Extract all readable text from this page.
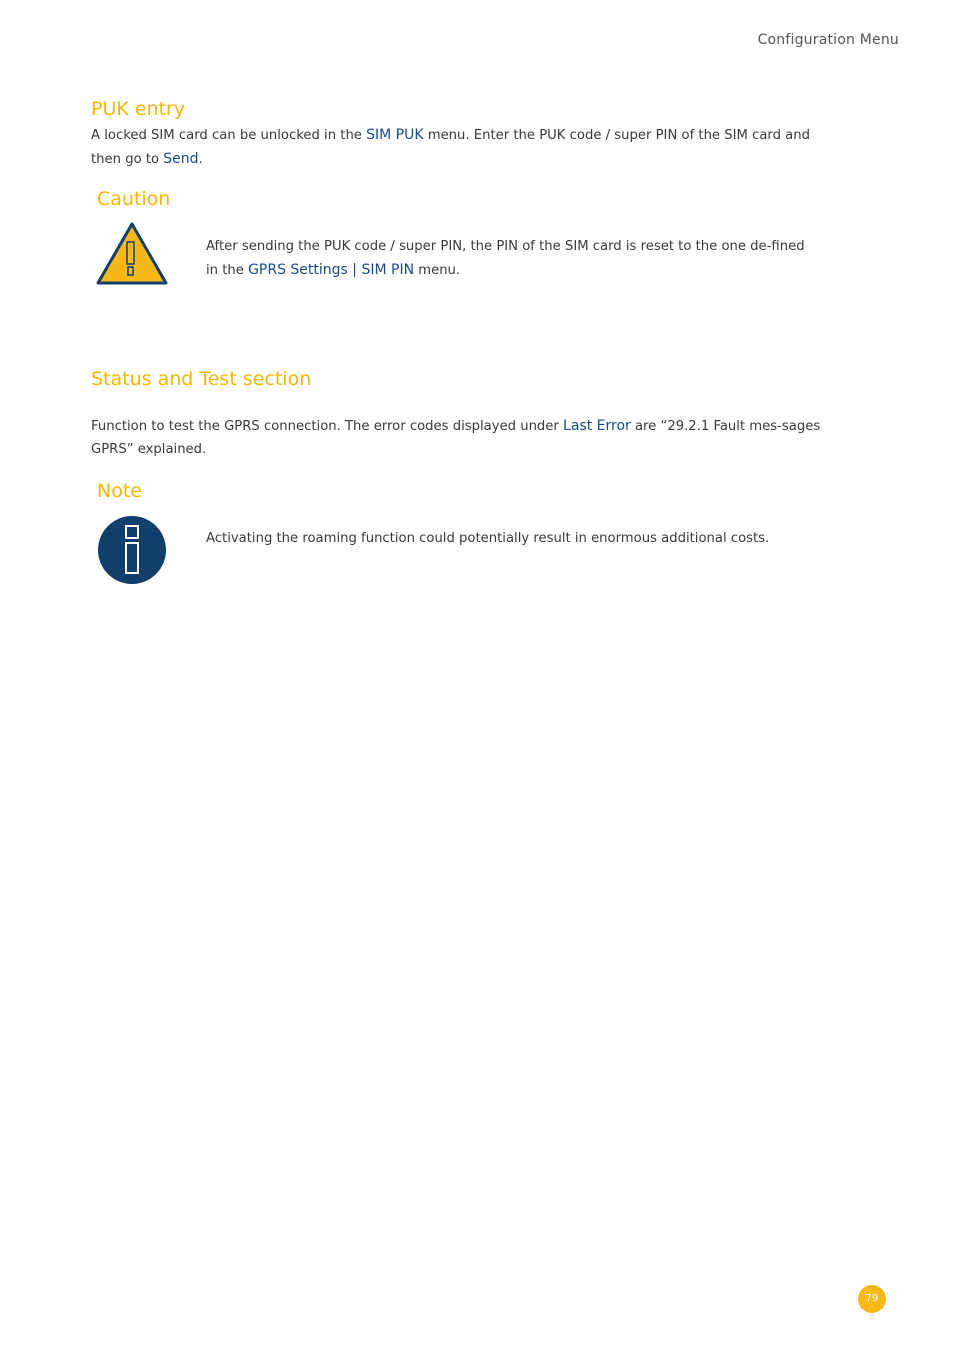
Configuration Menu
PUK entry
A locked SIM card can be unlocked in the SIM PUK menu. Enter the PUK code / super PIN of the SIM card and then go to Send.
Caution
After sending the PUK code / super PIN, the PIN of the SIM card is reset to the one de-fined in the GPRS Settings | SIM PIN menu.
Status and Test section
Function to test the GPRS connection. The error codes displayed under Last Error are “29.2.1 Fault mes-sages GPRS” explained.
Note
Activating the roaming function could potentially result in enormous additional costs.
79
